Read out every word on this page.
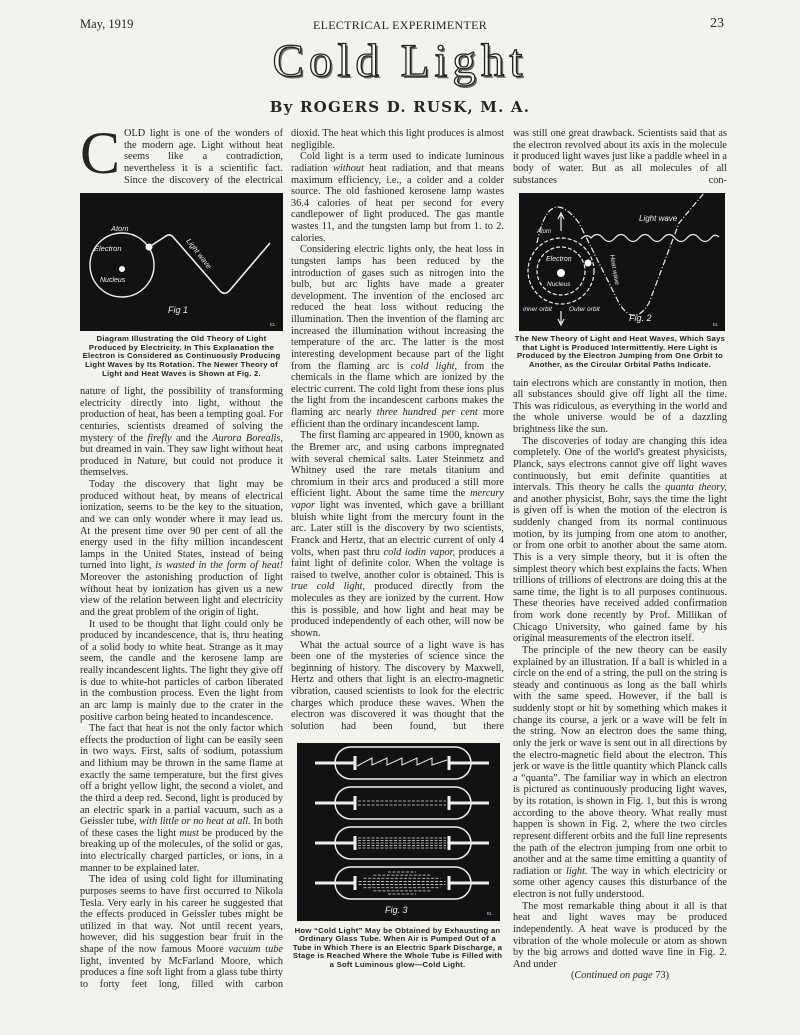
May, 1919	ELECTRICAL EXPERIMENTER	23
Cold Light
By ROGERS D. RUSK, M. A.
C OLD light is one of the wonders of the modern age. Light without heat seems like a contradiction, nevertheless it is a scientific fact. Since the discovery of the electrical

Atom
Electron
Nucleus
Light wave
Fig 1
EL
Diagram Illustrating the Old Theory of Light Produced by Electricity. In This Explanation the Electron is Considered as Continuously Producing Light Waves by Its Rotation. The Newer Theory of Light and Heat Waves is Shown at Fig. 2.

nature of light, the possibility of transforming electricity directly into light, without the production of heat, has been a tempting goal. For centuries, scientists dreamed of solving the mystery of the firefly and the Aurora Borealis, but dreamed in vain. They saw light without heat produced in Nature, but could not produce it themselves.

Today the discovery that light may be produced without heat, by means of electrical ionization, seems to be the key to the situation, and we can only wonder where it may lead us. At the present time over 90 per cent of all the energy used in the fifty million incandescent lamps in the United States, instead of being turned into light, is wasted in the form of heat! Moreover the astonishing production of light without heat by ionization has given us a new view of the relation between light and electricity and the great problem of the origin of light.

It used to be thought that light could only be produced by incandescence, that is, thru heating of a solid body to white heat. Strange as it may seem, the candle and the kerosene lamp are really incandescent lights. The light they give off is due to white-hot particles of carbon liberated in the combustion process. Even the light from an arc lamp is mainly due to the crater in the positive carbon being heated to incandescence.

The fact that heat is not the only factor which effects the production of light can be easily seen in two ways. First, salts of sodium, potassium and lithium may be thrown in the same flame at exactly the same temperature, but the first gives off a bright yellow light, the second a violet, and the third a deep red. Second, light is produced by an electric spark in a partial vacuum, such as a Geissler tube, with little or no heat at all. In both of these cases the light must be produced by the breaking up of the molecules, of the solid or gas, into electrically charged particles, or ions, in a manner to be explained later.

The idea of using cold light for illuminating purposes seems to have first occurred to Nikola Tesla. Very early in his career he suggested that the effects produced in Geissler tubes might be utilized in that way. Not until recent years, however, did his suggestion bear fruit in the shape of the now famous Moore vacuum tube light, invented by McFarland Moore, which produces a fine soft light from a glass tube thirty to forty feet long, filled with carbon

dioxid. The heat which this light produces is almost negligible.

Cold light is a term used to indicate luminous radiation without heat radiation, and that means maximum efficiency, i.e., a colder and a colder source. The old fashioned kerosene lamp wastes 36.4 calories of heat per second for every candlepower of light produced. The gas mantle wastes 11, and the tungsten lamp but from 1. to 2. calories.

Considering electric lights only, the heat loss in tungsten lamps has been reduced by the introduction of gases such as nitrogen into the bulb, but arc lights have made a greater development. The invention of the enclosed arc reduced the heat loss without reducing the illumination. Then the invention of the flaming arc increased the illumination without increasing the temperature of the arc. The latter is the most interesting development because part of the light from the flaming arc is cold light, from the chemicals in the flame which are ionized by the electric current. The cold light from these ions plus the light from the incandescent carbons makes the flaming arc nearly three hundred per cent more efficient than the ordinary incandescent lamp.

The first flaming arc appeared in 1900, known as the Bremer arc, and using carbons impregnated with several chemical salts. Later Steinmetz and Whitney used the rare metals titanium and chromium in their arcs and produced a still more efficient light. About the same time the mercury vapor light was invented, which gave a brilliant bluish white light from the mercury fount in the arc. Later still is the discovery by two scientists, Franck and Hertz, that an electric current of only 4 volts, when past thru cold iodin vapor, produces a faint light of definite color. When the voltage is raised to twelve, another color is obtained. This is true cold light, produced directly from the molecules as they are ionized by the current. How this is possible, and how light and heat may be produced independently of each other, will now be shown.

What the actual source of a light wave is has been one of the mysteries of science since the beginning of history. The discovery by Maxwell, Hertz and others that light is an electro-magnetic vibration, caused scientists to look for the electric charges which produce these waves. When the electron was discovered it was thought that the solution had been found, but there

Fig. 3	EL
How “Cold Light” May be Obtained by Exhausting an Ordinary Glass Tube. When Air is Pumped Out of a Tube in Which There is an Electric Spark Discharge, a Stage is Reached Where the Whole Tube is Filled with a Soft Luminous glow—Cold Light.

was still one great drawback. Scientists said that as the electron revolved about its axis in the molecule it produced light waves just like a paddle wheel in a body of water. But as all molecules of all substances con-

Atom
Light wave
Heat wave
Electron
Nucleus
inner orbit	Outer orbit
Fig. 2
EL
The New Theory of Light and Heat Waves, Which Says that Light is Produced Intermittently. Here Light is Produced by the Electron Jumping from One Orbit to Another, as the Circular Orbital Paths Indicate.

tain electrons which are constantly in motion, then all substances should give off light all the time. This was ridiculous, as everything in the world and the whole universe would be of a dazzling brightness like the sun.

The discoveries of today are changing this idea completely. One of the world's greatest physicists, Planck, says electrons cannot give off light waves continuously, but emit definite quantities at intervals. This theory he calls the quanta theory, and another physicist, Bohr, says the time the light is given off is when the motion of the electron is suddenly changed from its normal continuous motion, by its jumping from one atom to another, or from one orbit to another about the same atom. This is a very simple theory, but it is often the simplest theory which best explains the facts. When trillions of trillions of electrons are doing this at the same time, the light is to all purposes continuous. These theories have received added confirmation from work done recently by Prof. Millikan of Chicago University, who gained fame by his original measurements of the electron itself.

The principle of the new theory can be easily explained by an illustration. If a ball is whirled in a circle on the end of a string, the pull on the string is steady and continuous as long as the ball whirls with the same speed. However, if the ball is suddenly stopt or hit by something which makes it change its course, a jerk or a wave will be felt in the string. Now an electron does the same thing, only the jerk or wave is sent out in all directions by the electro-magnetic field about the electron. This jerk or wave is the little quantity which Planck calls a “quanta”. The familiar way in which an electron is pictured as continuously producing light waves, by its rotation, is shown in Fig. 1, but this is wrong according to the above theory. What really must happen is shown in Fig. 2, where the two circles represent different orbits and the full line represents the path of the electron jumping from one orbit to another and at the same time emitting a quantity of radiation or light. The way in which electricity or some other agency causes this disturbance of the electron is not fully understood.

The most remarkable thing about it all is that heat and light waves may be produced independently. A heat wave is produced by the vibration of the whole molecule or atom as shown by the big arrows and dotted wave line in Fig. 2. And under

(Continued on page 73)
